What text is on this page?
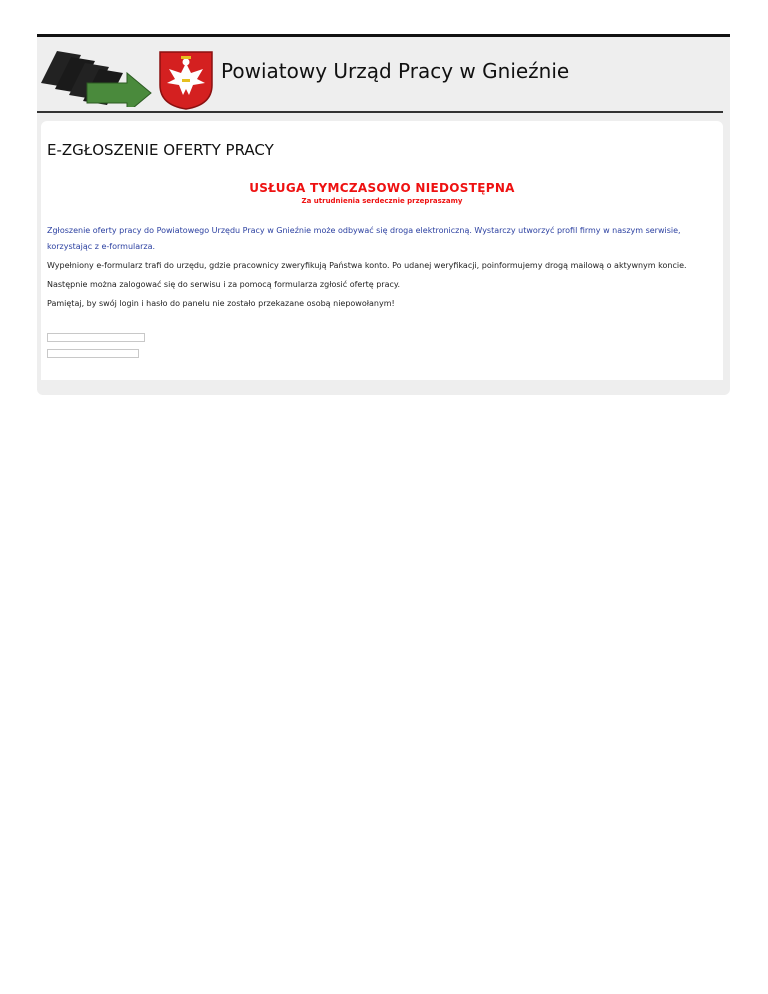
Powiatowy Urząd Pracy w Gnieźnie
E-ZGŁOSZENIE OFERTY PRACY
USŁUGA TYMCZASOWO NIEDOSTĘPNA
Za utrudnienia serdecznie przepraszamy

Zgłoszenie oferty pracy do Powiatowego Urzędu Pracy w Gnieźnie może odbywać się droga elektroniczną. Wystarczy utworzyć profil firmy w naszym serwisie, korzystając z e-formularza.

Wypełniony e-formularz trafi do urzędu, gdzie pracownicy zweryfikują Państwa konto. Po udanej weryfikacji, poinformujemy drogą mailową o aktywnym koncie.

Następnie można zalogować się do serwisu i za pomocą formularza zgłosić ofertę pracy.

Pamiętaj, by swój login i hasło do panelu nie zostało przekazane osobą niepowołanym!
